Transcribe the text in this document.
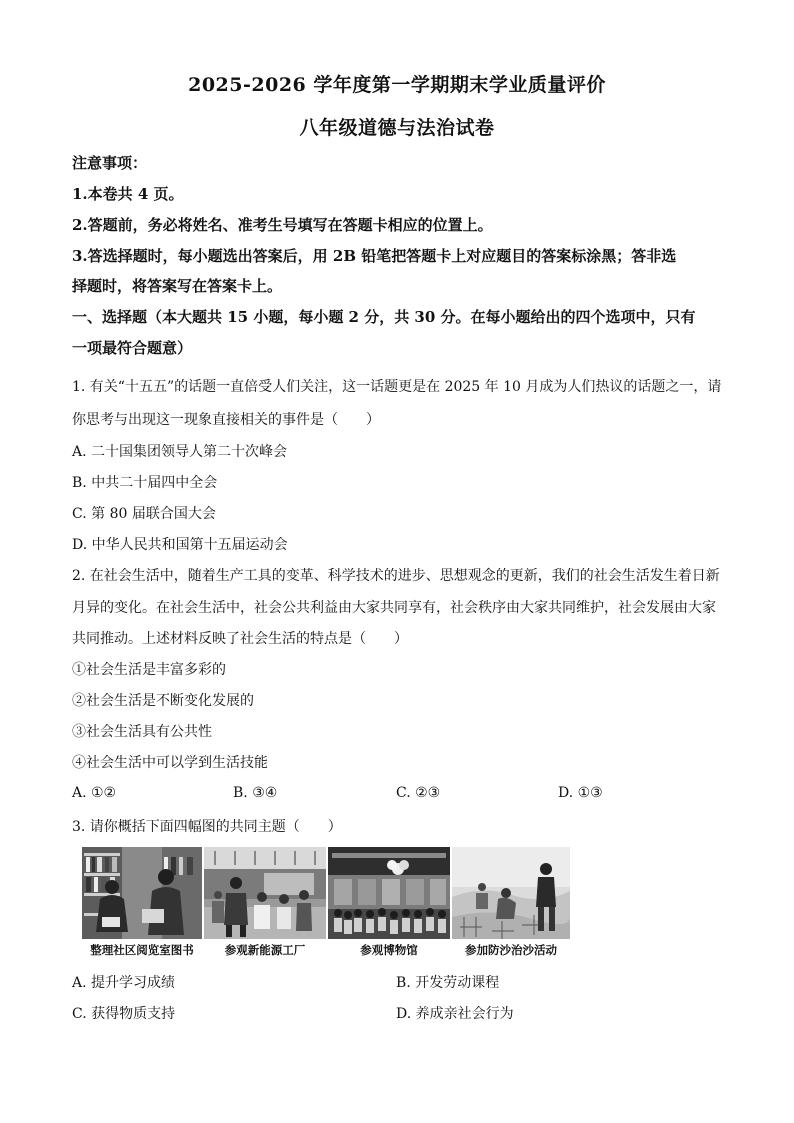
2025-2026 学年度第一学期期末学业质量评价
八年级道德与法治试卷
注意事项：
1.本卷共 4 页。
2.答题前，务必将姓名、准考生号填写在答题卡相应的位置上。
3.答选择题时，每小题选出答案后，用 2B 铅笔把答题卡上对应题目的答案标涂黑；答非选
择题时，将答案写在答案卡上。
一、选择题（本大题共 15 小题，每小题 2 分，共 30 分。在每小题给出的四个选项中，只有
一项最符合题意）
1. 有关“十五五”的话题一直倍受人们关注，这一话题更是在 2025 年 10 月成为人们热议的话题之一，请
你思考与出现这一现象直接相关的事件是（　　）
A. 二十国集团领导人第二十次峰会
B. 中共二十届四中全会
C. 第 80 届联合国大会
D. 中华人民共和国第十五届运动会
2. 在社会生活中，随着生产工具的变革、科学技术的进步、思想观念的更新，我们的社会生活发生着日新
月异的变化。在社会生活中，社会公共利益由大家共同享有，社会秩序由大家共同维护，社会发展由大家
共同推动。上述材料反映了社会生活的特点是（　　）
①社会生活是丰富多彩的
②社会生活是不断变化发展的
③社会生活具有公共性
④社会生活中可以学到生活技能
A. ①②	B. ③④	C. ②③	D. ①③
3. 请你概括下面四幅图的共同主题（　　）
整理社区阅览室图书	参观新能源工厂	参观博物馆	参加防沙治沙活动
A. 提升学习成绩	B. 开发劳动课程
C. 获得物质支持	D. 养成亲社会行为
